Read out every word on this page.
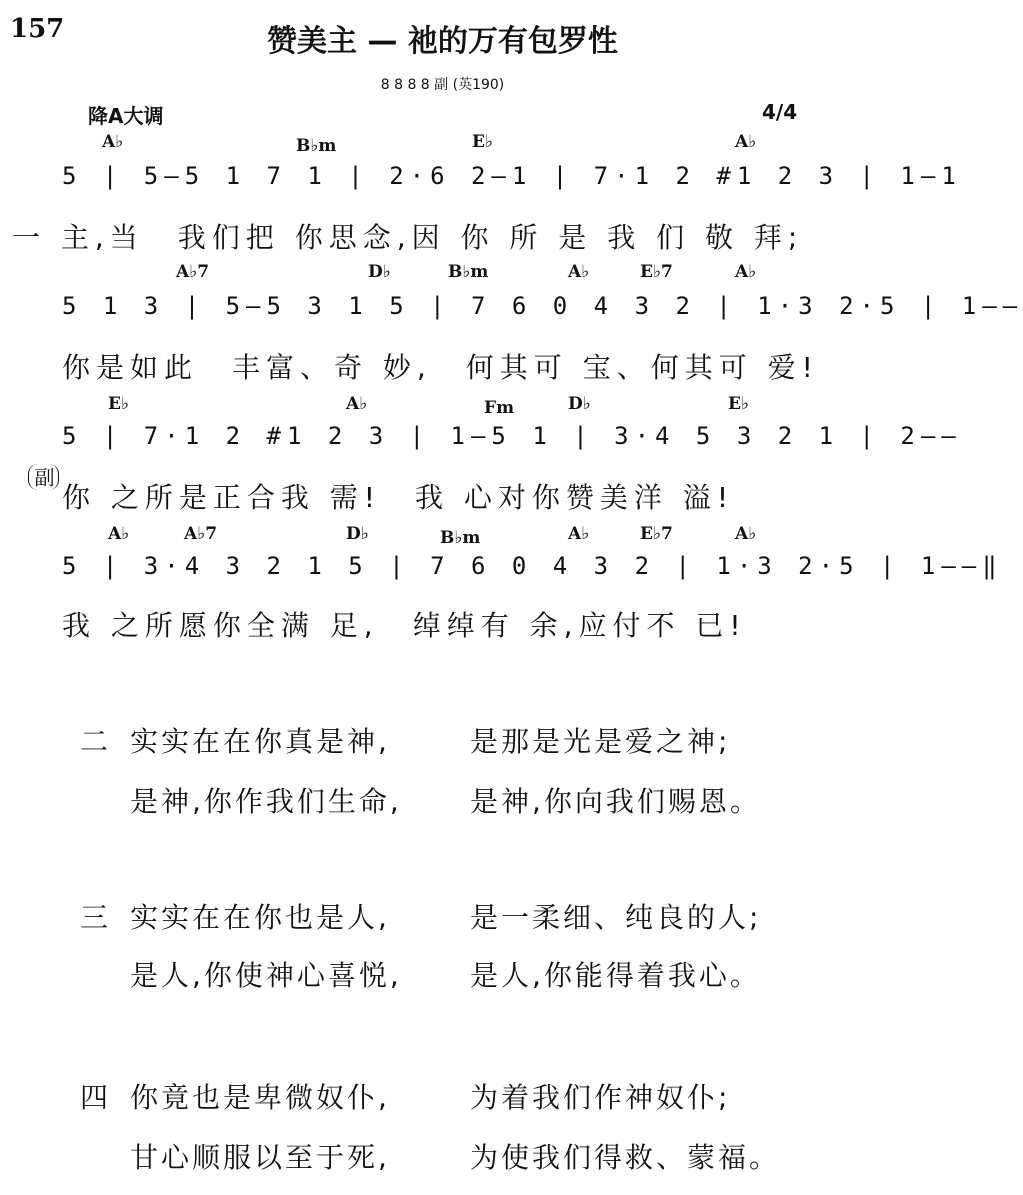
157	赞美主 — 祂的万有包罗性
8 8 8 8 副 (英190)
降A大调	4/4
A♭	B♭m	E♭	A♭
5 | 5—5 1 7 1 | 2·6 2—1 | 7·1 2 #1 2 3 | 1—1
一 主,当　我们把 你思念,因 你 所 是 我 们 敬 拜;
A♭7	D♭	B♭m	A♭	E♭7	A♭
5 1 3 | 5—5 3 1 5 | 7 6 0 4 3 2 | 1·3 2·5 | 1——
你是如此　丰富、奇 妙,　何其可 宝、何其可 爱!
E♭	A♭	Fm	D♭	E♭
5 | 7·1 2 #1 2 3 | 1—5 1 | 3·4 5 3 2 1 | 2——
副
你 之所是正合我 需!　我 心对你赞美洋 溢!
A♭	A♭7	D♭	B♭m	A♭	E♭7	A♭
5 | 3·4 3 2 1 5 | 7 6 0 4 3 2 | 1·3 2·5 | 1——‖
我 之所愿你全满 足,　绰绰有 余,应付不 已!
二 实实在在你真是神,	是那是光是爱之神;
是神,你作我们生命, 是神,你向我们赐恩。
三 实实在在你也是人,	是一柔细、纯良的人;
是人,你使神心喜悦, 是人,你能得着我心。
四 你竟也是卑微奴仆,	为着我们作神奴仆;
甘心顺服以至于死,	为使我们得救、蒙福。
